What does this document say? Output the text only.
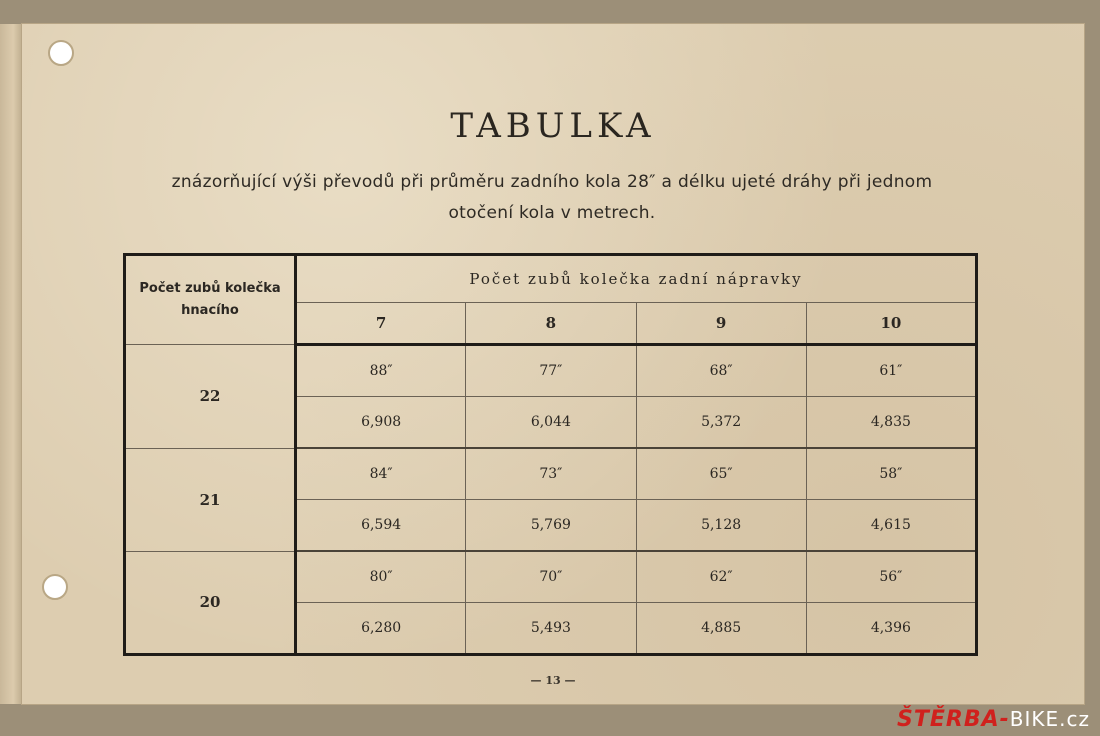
TABULKA
znázorňující výši převodů při průměru zadního kola 28″ a délku ujeté dráhy při jednom
otočení kola v metrech.
Počet zubů kolečka hnacího	Počet zubů kolečka zadní nápravky			
	7	8	9	10
22	88″	77″	68″	61″
	6,908	6,044	5,372	4,835
21	84″	73″	65″	58″
	6,594	5,769	5,128	4,615
20	80″	70″	62″	56″
	6,280	5,493	4,885	4,396
— 13 —
ŠTĚRBA-BIKE.cz
